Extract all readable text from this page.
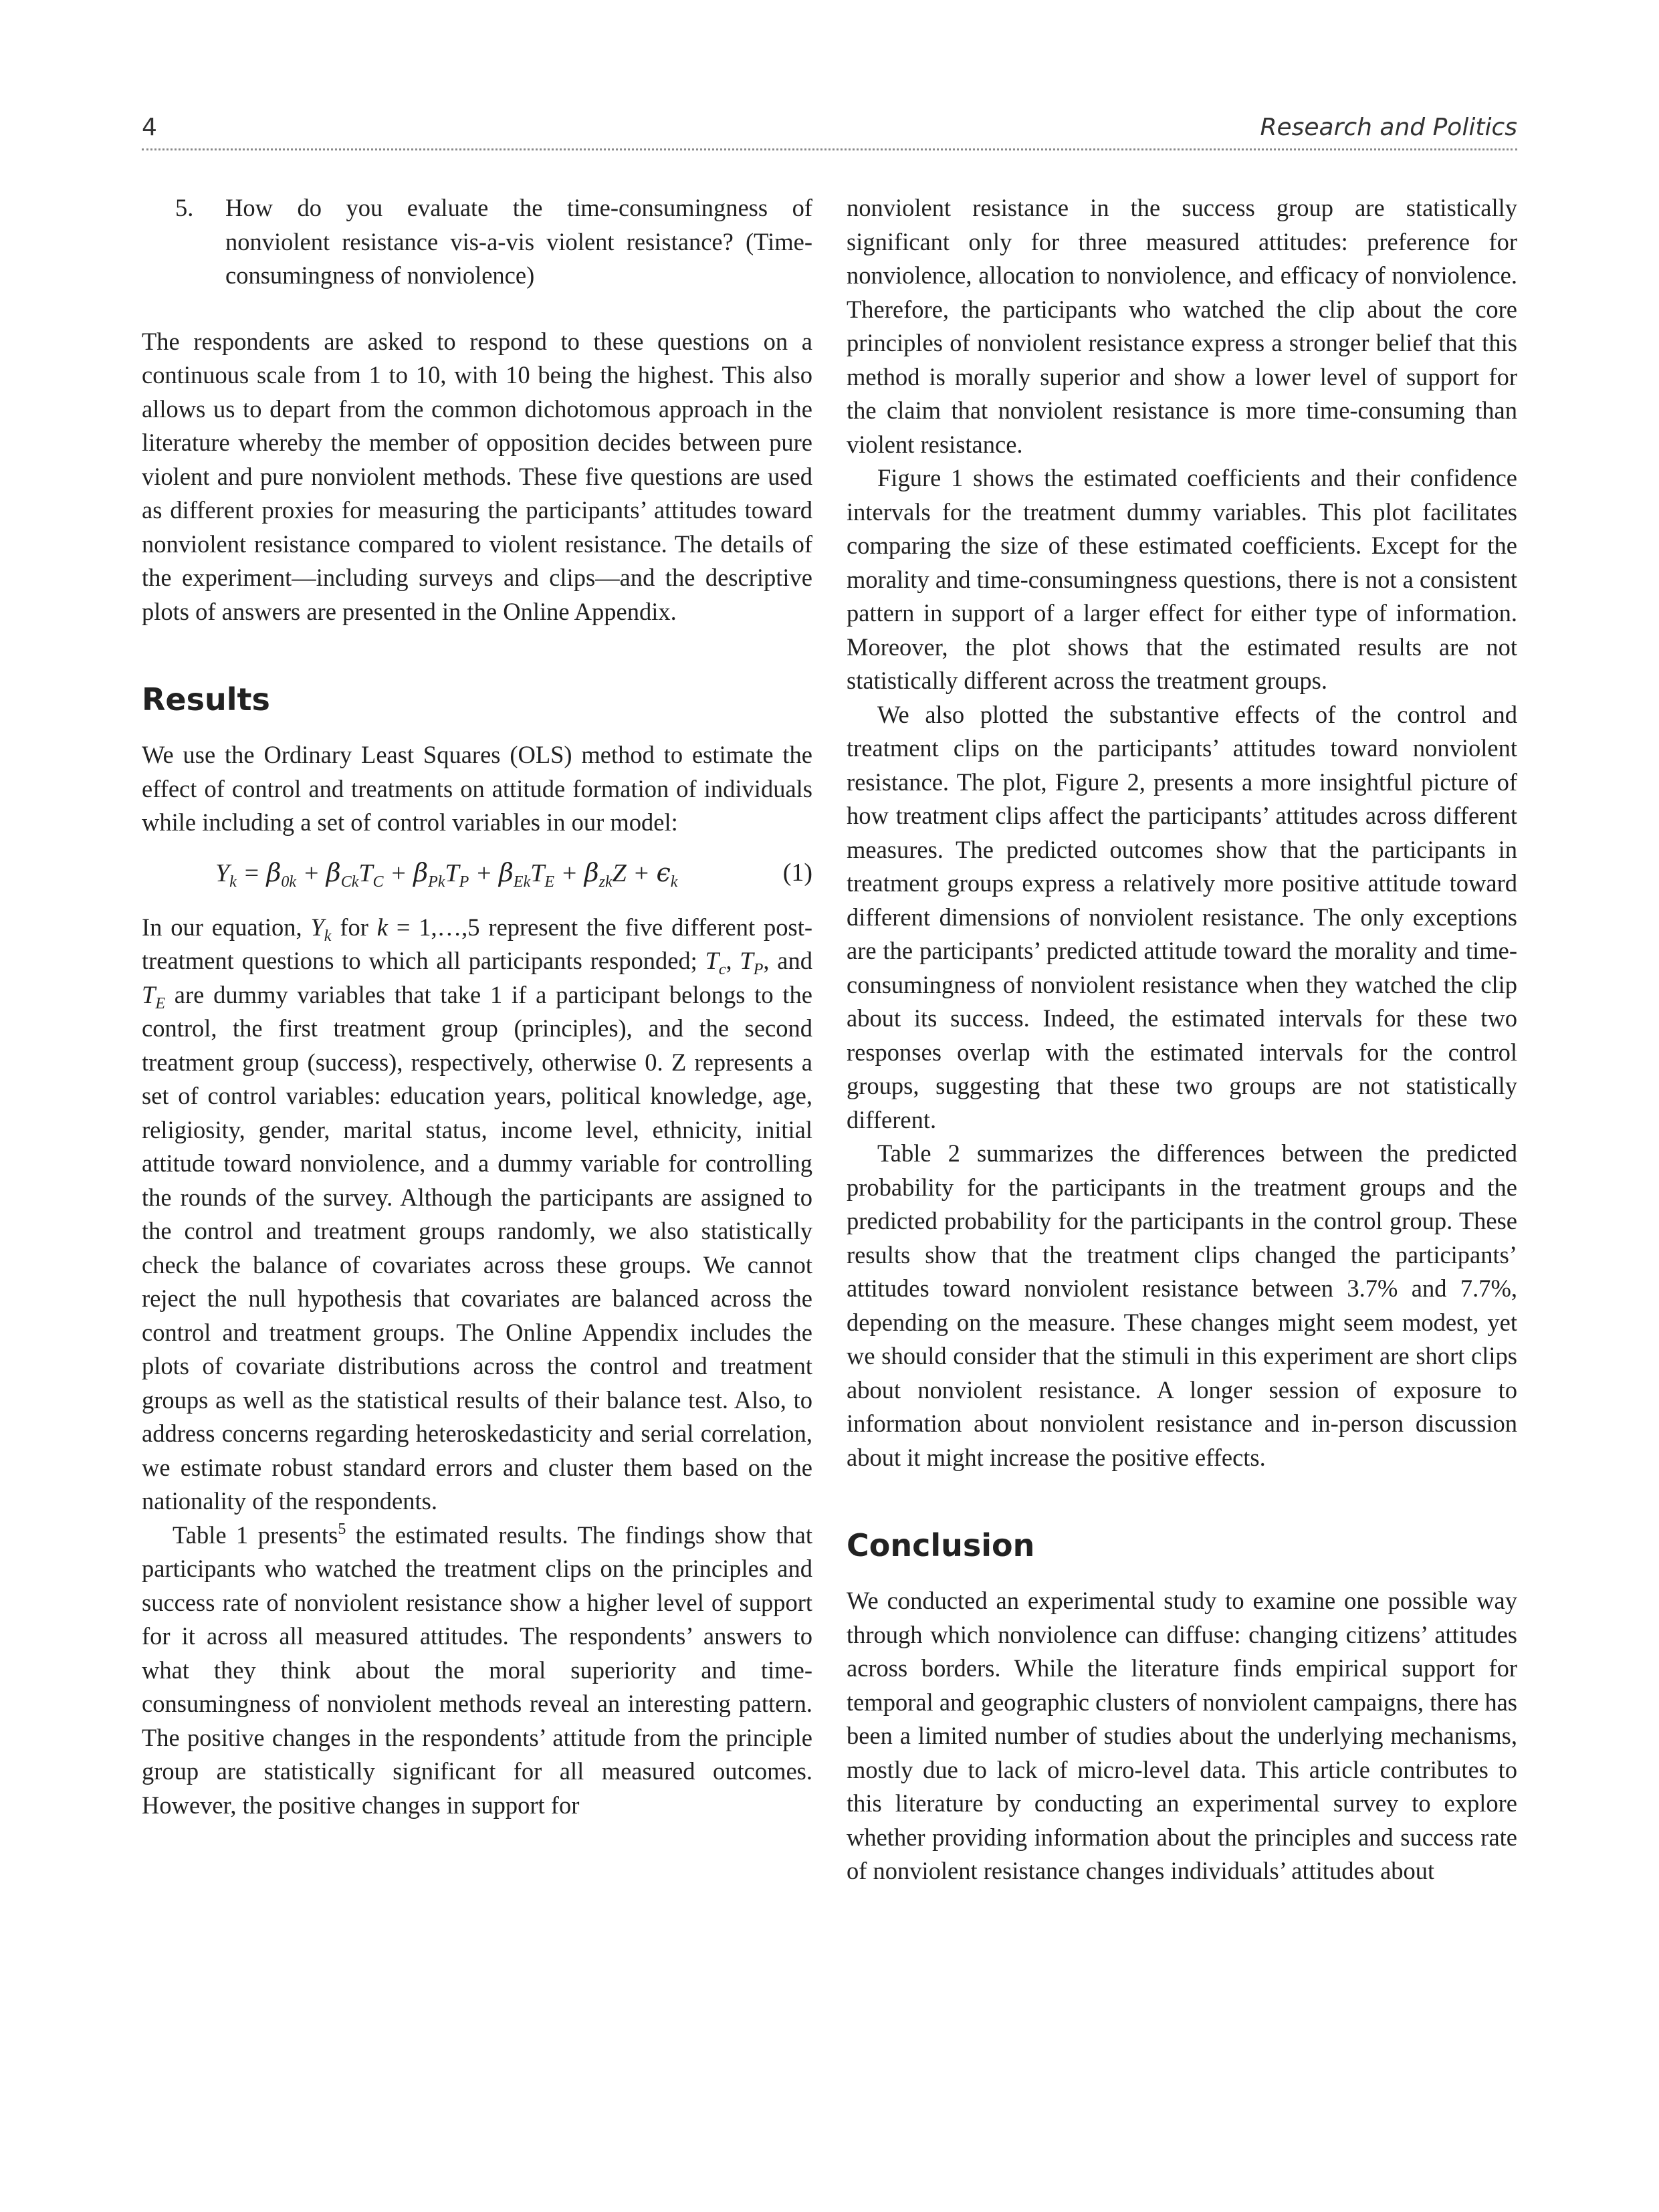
4	Research and Politics

5. How do you evaluate the time-consumingness of nonviolent resistance vis-a-vis violent resistance? (Time-consumingness of nonviolence)

The respondents are asked to respond to these questions on a continuous scale from 1 to 10, with 10 being the highest. This also allows us to depart from the common dichotomous approach in the literature whereby the member of opposition decides between pure violent and pure nonviolent methods. These five questions are used as different proxies for measuring the participants’ attitudes toward nonviolent resistance compared to violent resistance. The details of the experiment—including surveys and clips—and the descriptive plots of answers are presented in the Online Appendix.

Results

We use the Ordinary Least Squares (OLS) method to estimate the effect of control and treatments on attitude formation of individuals while including a set of control variables in our model:

$Y_k = \beta_{0k} + \beta_{Ck}T_C + \beta_{Pk}T_P + \beta_{Ek}T_E + \beta_{zk}Z + \epsilon_k$	(1)

In our equation, $Y_k$ for k = 1,…,5 represent the five different post-treatment questions to which all participants responded; $T_c$, $T_P$, and $T_E$ are dummy variables that take 1 if a participant belongs to the control, the first treatment group (principles), and the second treatment group (success), respectively, otherwise 0. Z represents a set of control variables: education years, political knowledge, age, religiosity, gender, marital status, income level, ethnicity, initial attitude toward nonviolence, and a dummy variable for controlling the rounds of the survey. Although the participants are assigned to the control and treatment groups randomly, we also statistically check the balance of covariates across these groups. We cannot reject the null hypothesis that covariates are balanced across the control and treatment groups. The Online Appendix includes the plots of covariate distributions across the control and treatment groups as well as the statistical results of their balance test. Also, to address concerns regarding heteroskedasticity and serial correlation, we estimate robust standard errors and cluster them based on the nationality of the respondents.

Table 1 presents$^5$ the estimated results. The findings show that participants who watched the treatment clips on the principles and success rate of nonviolent resistance show a higher level of support for it across all measured attitudes. The respondents’ answers to what they think about the moral superiority and time-consumingness of nonviolent methods reveal an interesting pattern. The positive changes in the respondents’ attitude from the principle group are statistically significant for all measured outcomes. However, the positive changes in support for

nonviolent resistance in the success group are statistically significant only for three measured attitudes: preference for nonviolence, allocation to nonviolence, and efficacy of nonviolence. Therefore, the participants who watched the clip about the core principles of nonviolent resistance express a stronger belief that this method is morally superior and show a lower level of support for the claim that nonviolent resistance is more time-consuming than violent resistance.

Figure 1 shows the estimated coefficients and their confidence intervals for the treatment dummy variables. This plot facilitates comparing the size of these estimated coefficients. Except for the morality and time-consumingness questions, there is not a consistent pattern in support of a larger effect for either type of information. Moreover, the plot shows that the estimated results are not statistically different across the treatment groups.

We also plotted the substantive effects of the control and treatment clips on the participants’ attitudes toward nonviolent resistance. The plot, Figure 2, presents a more insightful picture of how treatment clips affect the participants’ attitudes across different measures. The predicted outcomes show that the participants in treatment groups express a relatively more positive attitude toward different dimensions of nonviolent resistance. The only exceptions are the participants’ predicted attitude toward the morality and time-consumingness of nonviolent resistance when they watched the clip about its success. Indeed, the estimated intervals for these two responses overlap with the estimated intervals for the control groups, suggesting that these two groups are not statistically different.

Table 2 summarizes the differences between the predicted probability for the participants in the treatment groups and the predicted probability for the participants in the control group. These results show that the treatment clips changed the participants’ attitudes toward nonviolent resistance between 3.7% and 7.7%, depending on the measure. These changes might seem modest, yet we should consider that the stimuli in this experiment are short clips about nonviolent resistance. A longer session of exposure to information about nonviolent resistance and in-person discussion about it might increase the positive effects.

Conclusion

We conducted an experimental study to examine one possible way through which nonviolence can diffuse: changing citizens’ attitudes across borders. While the literature finds empirical support for temporal and geographic clusters of nonviolent campaigns, there has been a limited number of studies about the underlying mechanisms, mostly due to lack of micro-level data. This article contributes to this literature by conducting an experimental survey to explore whether providing information about the principles and success rate of nonviolent resistance changes individuals’ attitudes about
